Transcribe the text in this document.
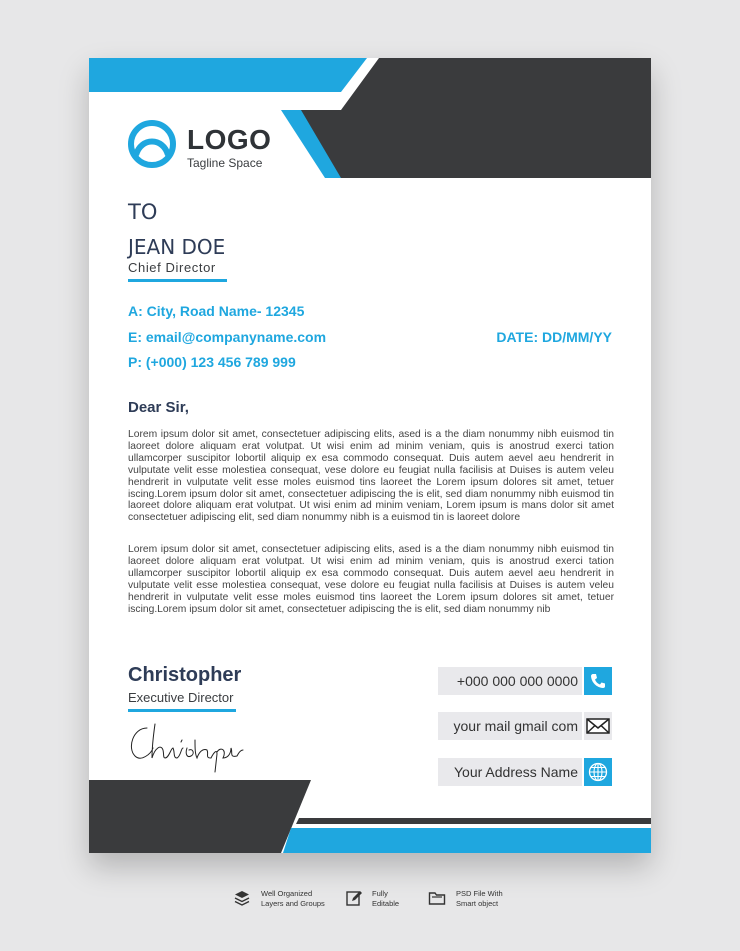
LOGO
Tagline Space
TO
JEAN DOE
Chief Director
A: City, Road Name- 12345
E: email@companyname.com
P: (+000) 123 456 789 999
DATE: DD/MM/YY
Dear Sir,

Lorem ipsum dolor sit amet, consectetuer adipiscing elits, ased is a the diam nonummy nibh euismod tin laoreet dolore aliquam erat volutpat. Ut wisi enim ad minim veniam, quis is anostrud exerci tation ullamcorper suscipitor lobortil aliquip ex esa commodo consequat. Duis autem aevel aeu hendrerit in vulputate velit esse molestiea consequat, vese dolore eu feugiat nulla facilisis at Duises is autem veleu hendrerit in vulputate velit esse moles euismod tins laoreet the Lorem ipsum dolores sit amet, tetuer iscing.Lorem ipsum dolor sit amet, consectetuer adipiscing the is elit, sed diam nonummy nibh euismod tin laoreet dolore aliquam erat volutpat. Ut wisi enim ad minim veniam, Lorem ipsum is mans dolor sit amet consectetuer adipiscing elit, sed diam nonummy nibh is a euismod tin is laoreet dolore

Lorem ipsum dolor sit amet, consectetuer adipiscing elits, ased is a the diam nonummy nibh euismod tin laoreet dolore aliquam erat volutpat. Ut wisi enim ad minim veniam, quis is anostrud exerci tation ullamcorper suscipitor lobortil aliquip ex esa commodo consequat. Duis autem aevel aeu hendrerit in vulputate velit esse molestiea consequat, vese dolore eu feugiat nulla facilisis at Duises is autem veleu hendrerit in vulputate velit esse moles euismod tins laoreet the Lorem ipsum dolores sit amet, tetuer iscing.Lorem ipsum dolor sit amet, consectetuer adipiscing the is elit, sed diam nonummy nib

Christopher
Executive Director
+000 000 000 0000
your mail gmail com
Your Address Name
Well Organized
Layers and Groups
Fully
Editable
PSD File With
Smart object
